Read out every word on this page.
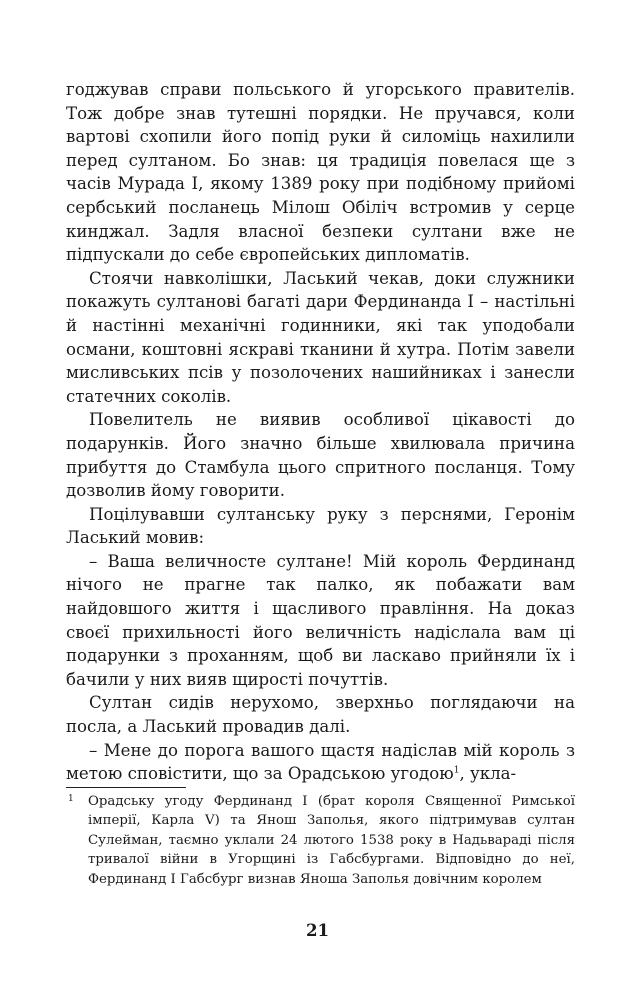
годжував справи польського й угорського правителів. Тож добре знав тутешні порядки. Не пручався, коли вартові схопили його попід руки й силоміць нахилили перед султаном. Бо знав: ця традиція повелася ще з часів Мурада I, якому 1389 року при подібному прийомі сербський посланець Мілош Обіліч встромив у серце кинджал. Задля власної безпеки султани вже не підпускали до себе європейських дипломатів.

Стоячи навколішки, Ласький чекав, доки служники покажуть султанові багаті дари Фердинанда I – настільні й настінні механічні годинники, які так уподобали османи, коштовні яскраві тканини й хутра. Потім завели мисливських псів у позолочених нашийниках і занесли статечних соколів.

Повелитель не виявив особливої цікавості до подарунків. Його значно більше хвилювала причина прибуття до Стамбула цього спритного посланця. Тому дозволив йому говорити.

Поцілувавши султанську руку з перснями, Геронім Ласький мовив:

– Ваша величносте султане! Мій король Фердинанд нічого не прагне так палко, як побажати вам найдовшого життя і щасливого правління. На доказ своєї прихильності його величність надіслала вам ці подарунки з проханням, щоб ви ласкаво прийняли їх і бачили у них вияв щирості почуттів.

Султан сидів нерухомо, зверхньо поглядаючи на посла, а Ласький провадив далі.

– Мене до порога вашого щастя надіслав мій король з метою сповістити, що за Орадською угодою$^1$, укла-

1 Орадську угоду Фердинанд I (брат короля Священної Римської імперії, Карла V) та Янош Заполья, якого підтримував султан Сулейман, таємно уклали 24 лютого 1538 року в Надьвараді після тривалої війни в Угорщині із Габсбургами. Відповідно до неї, Фердинанд I Габсбург визнав Яноша Заполья довічним королем
21
